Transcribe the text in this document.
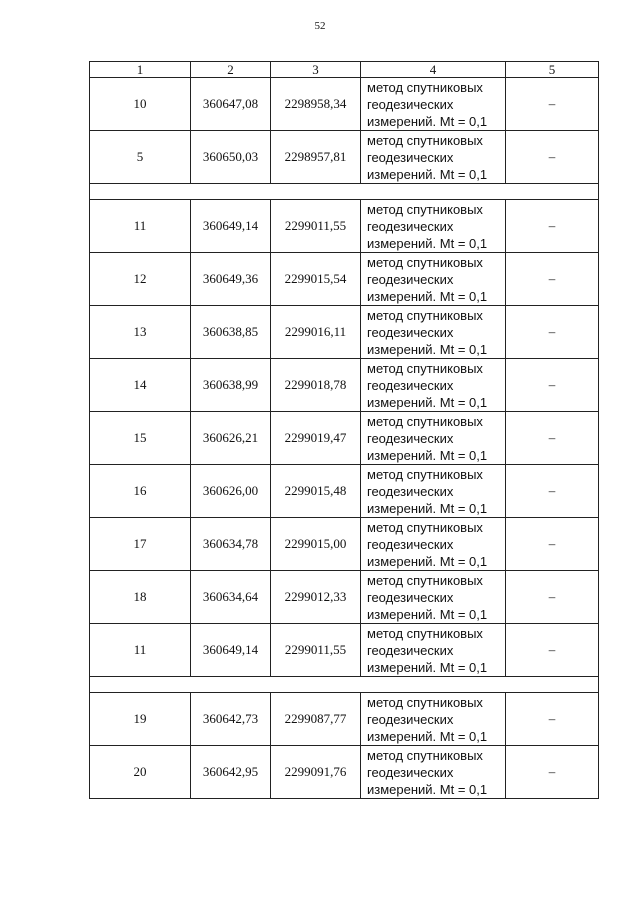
52
1	2	3	4	5
10	360647,08	2298958,34	метод спутниковых геодезических измерений. Mt = 0,1	–
5	360650,03	2298957,81	метод спутниковых геодезических измерений. Mt = 0,1	–

11	360649,14	2299011,55	метод спутниковых геодезических измерений. Mt = 0,1	–
12	360649,36	2299015,54	метод спутниковых геодезических измерений. Mt = 0,1	–
13	360638,85	2299016,11	метод спутниковых геодезических измерений. Mt = 0,1	–
14	360638,99	2299018,78	метод спутниковых геодезических измерений. Mt = 0,1	–
15	360626,21	2299019,47	метод спутниковых геодезических измерений. Mt = 0,1	–
16	360626,00	2299015,48	метод спутниковых геодезических измерений. Mt = 0,1	–
17	360634,78	2299015,00	метод спутниковых геодезических измерений. Mt = 0,1	–
18	360634,64	2299012,33	метод спутниковых геодезических измерений. Mt = 0,1	–
11	360649,14	2299011,55	метод спутниковых геодезических измерений. Mt = 0,1	–

19	360642,73	2299087,77	метод спутниковых геодезических измерений. Mt = 0,1	–
20	360642,95	2299091,76	метод спутниковых геодезических измерений. Mt = 0,1	–
